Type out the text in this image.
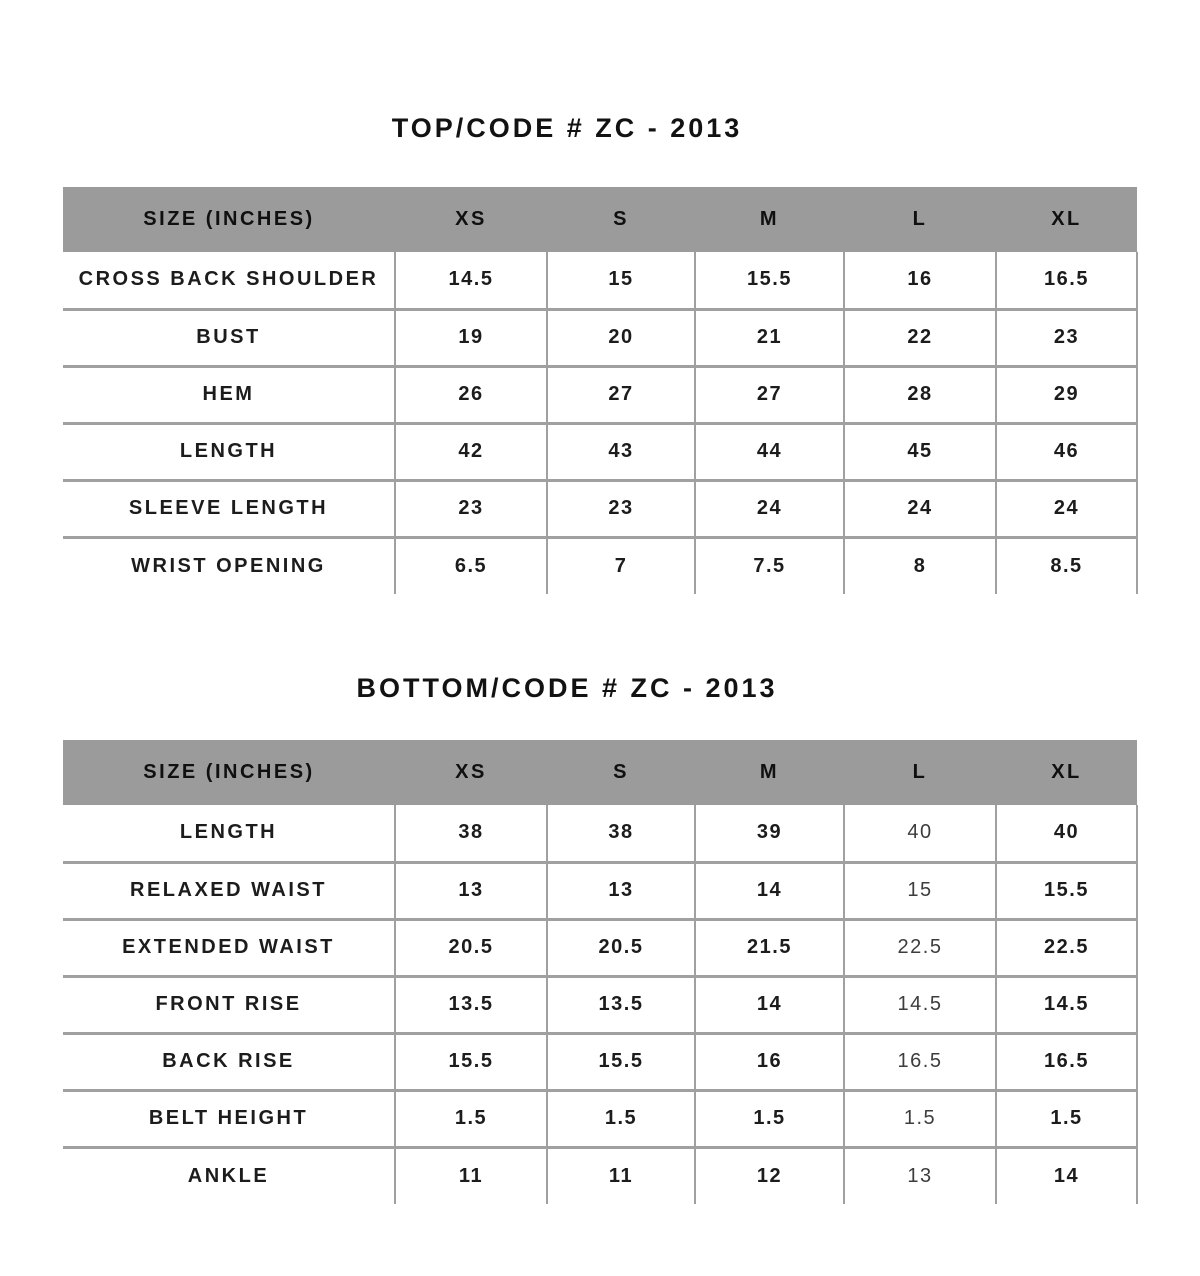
TOP/CODE # ZC - 2013
SIZE (INCHES)	XS	S	M	L	XL
CROSS BACK SHOULDER	14.5	15	15.5	16	16.5
BUST	19	20	21	22	23
HEM	26	27	27	28	29
LENGTH	42	43	44	45	46
SLEEVE LENGTH	23	23	24	24	24
WRIST OPENING	6.5	7	7.5	8	8.5
BOTTOM/CODE # ZC - 2013
SIZE (INCHES)	XS	S	M	L	XL
LENGTH	38	38	39	40	40
RELAXED WAIST	13	13	14	15	15.5
EXTENDED WAIST	20.5	20.5	21.5	22.5	22.5
FRONT RISE	13.5	13.5	14	14.5	14.5
BACK RISE	15.5	15.5	16	16.5	16.5
BELT HEIGHT	1.5	1.5	1.5	1.5	1.5
ANKLE	11	11	12	13	14
